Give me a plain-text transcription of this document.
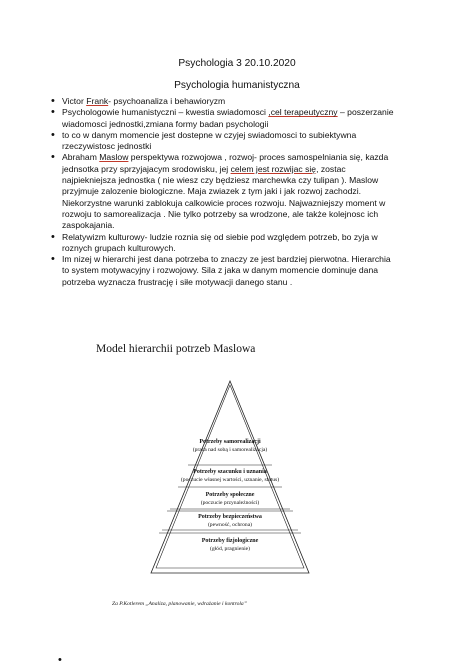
Psychologia 3 20.10.2020
Psychologia humanistyczna
• Victor Frank- psychoanaliza i behawioryzm
• Psychologowie humanistyczni – kwestia swiadomosci ,cel terapeutyczny – poszerzanie wiadomosci jednostki,zmiana formy badan psychologii
• to co w danym momencie jest dostepne w czyjej swiadomosci to subiektywna rzeczywistosc jednostki
• Abraham Maslow perspektywa rozwojowa , rozwoj- proces samospelniania się, kazda jednsotka przy sprzyjajacym srodowisku, jej celem jest rozwijac się, zostac najpiekniejsza jednostka ( nie wiesz czy będziesz marchewka czy tulipan ). Maslow przyjmuje zalozenie biologiczne. Maja zwiazek z tym jaki i jak rozwoj zachodzi. Niekorzystne warunki zablokuja calkowicie proces rozwoju. Najwazniejszy moment w rozwoju to samorealizacja . Nie tylko potrzeby sa wrodzone, ale także kolejnosc ich zaspokajania.
• Relatywizm kulturowy- ludzie roznia się od siebie pod względem potrzeb, bo zyja w roznych grupach kulturowych.
• Im nizej w hierarchi jest dana potrzeba to znaczy ze jest bardziej pierwotna. Hierarchia to system motywacyjny i rozwojowy. Sila z jaka w danym momencie dominuje dana potrzeba wyznacza frustrację i siłe motywacji danego stanu .
Model hierarchii potrzeb Maslowa
Potrzeby samorealizacji
(praca nad sobą i samorealizacja)
Potrzeby szacunku i uznania
(poczucie własnej wartości, uznanie, status)
Potrzeby społeczne
(poczucie przynależności)
Potrzeby bezpieczeństwa
(pewność, ochrona)
Potrzeby fizjologiczne
(głód, pragnienie)
Za P.Kotlerem „Analiza, planowanie, wdrażanie i kontrola”
•
